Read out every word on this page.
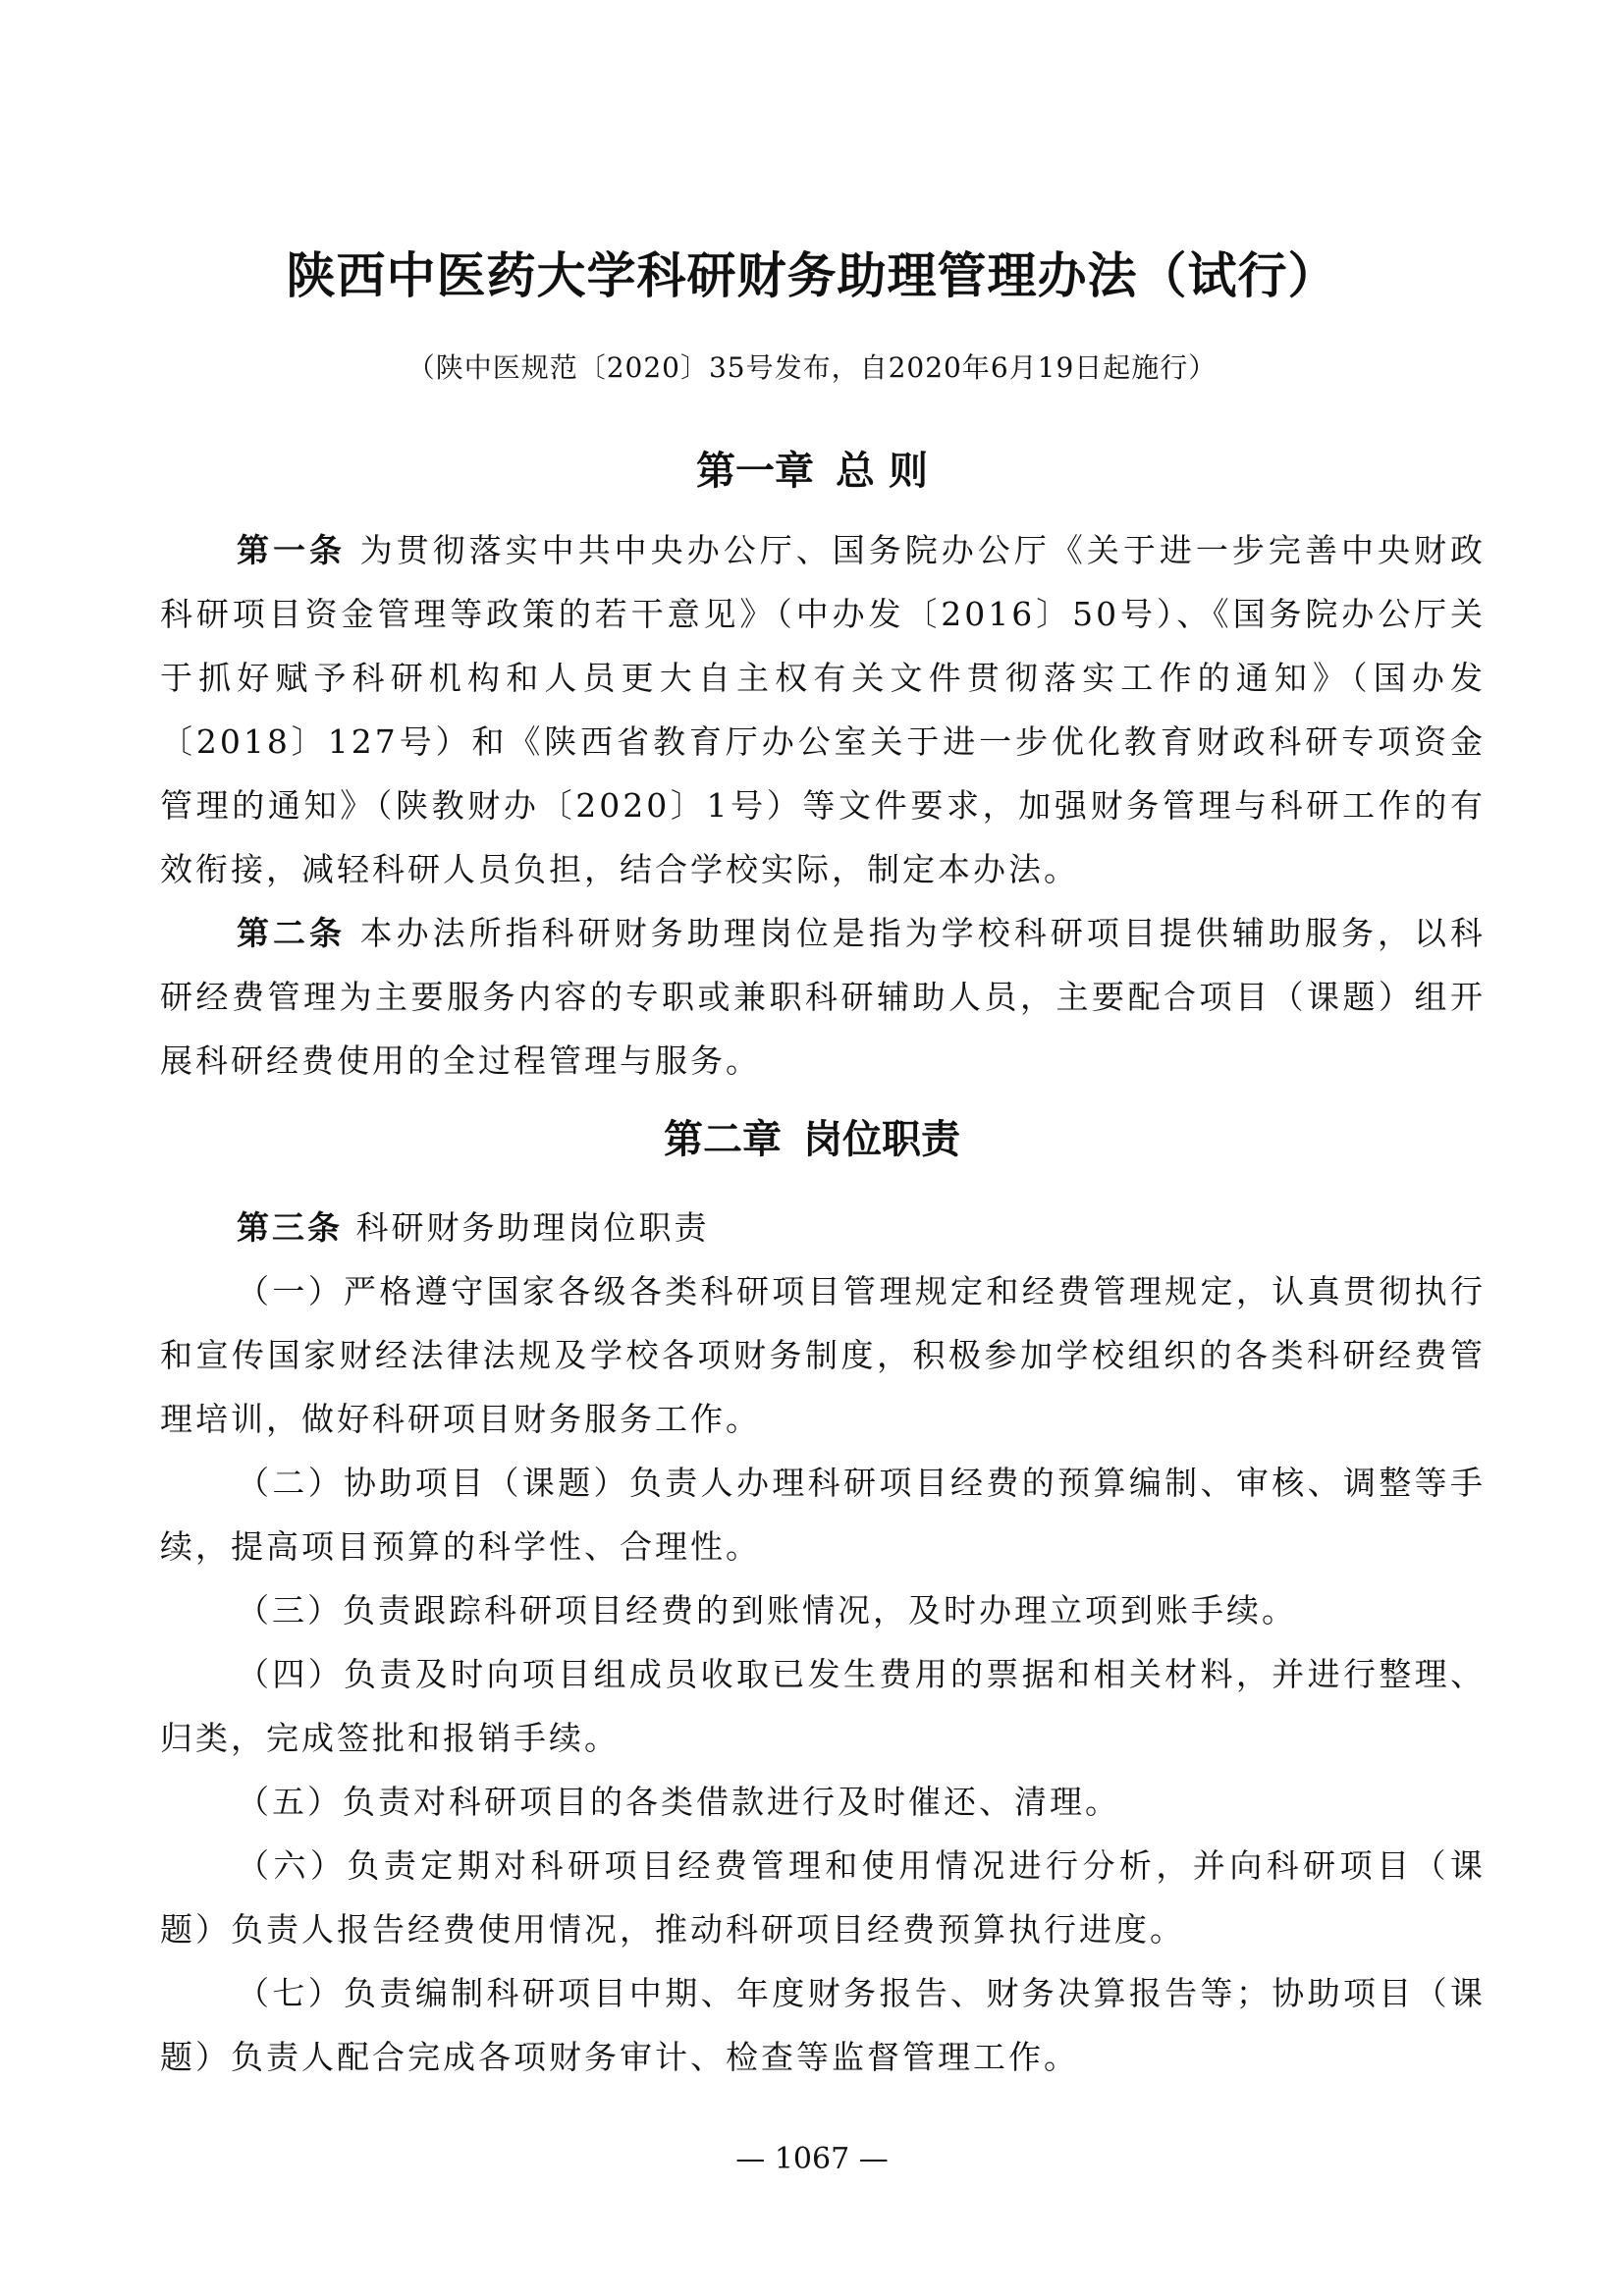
陕西中医药大学科研财务助理管理办法（试行）

（陕中医规范〔2020〕35号发布，自2020年6月19日起施行）

第一章 总 则

第一条 为贯彻落实中共中央办公厅、国务院办公厅《关于进一步完善中央财政科研项目资金管理等政策的若干意见》（中办发〔2016〕50号）、《国务院办公厅关于抓好赋予科研机构和人员更大自主权有关文件贯彻落实工作的通知》（国办发〔2018〕127号）和《陕西省教育厅办公室关于进一步优化教育财政科研专项资金管理的通知》（陕教财办〔2020〕1号）等文件要求，加强财务管理与科研工作的有效衔接，减轻科研人员负担，结合学校实际，制定本办法。

第二条 本办法所指科研财务助理岗位是指为学校科研项目提供辅助服务，以科研经费管理为主要服务内容的专职或兼职科研辅助人员，主要配合项目（课题）组开展科研经费使用的全过程管理与服务。

第二章 岗位职责

第三条 科研财务助理岗位职责

（一）严格遵守国家各级各类科研项目管理规定和经费管理规定，认真贯彻执行和宣传国家财经法律法规及学校各项财务制度，积极参加学校组织的各类科研经费管理培训，做好科研项目财务服务工作。

（二）协助项目（课题）负责人办理科研项目经费的预算编制、审核、调整等手续，提高项目预算的科学性、合理性。

（三）负责跟踪科研项目经费的到账情况，及时办理立项到账手续。

（四）负责及时向项目组成员收取已发生费用的票据和相关材料，并进行整理、归类，完成签批和报销手续。

（五）负责对科研项目的各类借款进行及时催还、清理。

（六）负责定期对科研项目经费管理和使用情况进行分析，并向科研项目（课题）负责人报告经费使用情况，推动科研项目经费预算执行进度。

（七）负责编制科研项目中期、年度财务报告、财务决算报告等；协助项目（课题）负责人配合完成各项财务审计、检查等监督管理工作。

— 1067 —
